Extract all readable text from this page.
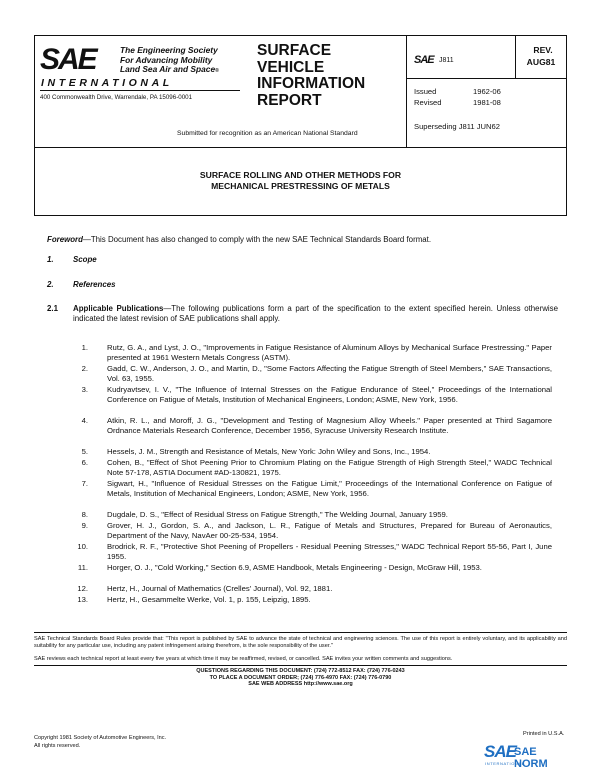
SAE	The Engineering Society
For Advancing Mobility
Land Sea Air and Space®
INTERNATIONAL
400 Commonwealth Drive, Warrendale, PA 15096-0001
SURFACE
VEHICLE
INFORMATION
REPORT
Submitted for recognition as an American National Standard
SAE J811
REV.
AUG81
Issued	1962-06
Revised	1981-08
Superseding J811 JUN62
SURFACE ROLLING AND OTHER METHODS FOR
MECHANICAL PRESTRESSING OF METALS
Foreword—This Document has also changed to comply with the new SAE Technical Standards Board format.
1. Scope
2. References
2.1 Applicable Publications—The following publications form a part of the specification to the extent specified herein. Unless otherwise indicated the latest revision of SAE publications shall apply.
1. Rutz, G. A., and Lyst, J. O., "Improvements in Fatigue Resistance of Aluminum Alloys by Mechanical Surface Prestressing." Paper presented at 1961 Western Metals Congress (ASTM).
2. Gadd, C. W., Anderson, J. O., and Martin, D., "Some Factors Affecting the Fatigue Strength of Steel Members," SAE Transactions, Vol. 63, 1955.
3. Kudryavtsev, I. V., "The Influence of Internal Stresses on the Fatigue Endurance of Steel," Proceedings of the International Conference on Fatigue of Metals, Institution of Mechanical Engineers, London; ASME, New York, 1956.
4. Atkin, R. L., and Moroff, J. G., "Development and Testing of Magnesium Alloy Wheels." Paper presented at Third Sagamore Ordnance Materials Research Conference, December 1956, Syracuse University Research Institute.
5. Hessels, J. M., Strength and Resistance of Metals, New York: John Wiley and Sons, Inc., 1954.
6. Cohen, B., "Effect of Shot Peening Prior to Chromium Plating on the Fatigue Strength of High Strength Steel," WADC Technical Note 57-178, ASTIA Document #AD-130821, 1975.
7. Sigwart, H., "Influence of Residual Stresses on the Fatigue Limit," Proceedings of the International Conference on Fatigue of Metals, Institution of Mechanical Engineers, London; ASME, New York, 1956.
8. Dugdale, D. S., "Effect of Residual Stress on Fatigue Strength," The Welding Journal, January 1959.
9. Grover, H. J., Gordon, S. A., and Jackson, L. R., Fatigue of Metals and Structures, Prepared for Bureau of Aeronautics, Department of the Navy, NavAer 00-25-534, 1954.
10. Brodrick, R. F., "Protective Shot Peening of Propellers - Residual Peening Stresses," WADC Technical Report 55-56, Part I, June 1955.
11. Horger, O. J., "Cold Working," Section 6.9, ASME Handbook, Metals Engineering - Design, McGraw Hill, 1953.
12. Hertz, H., Journal of Mathematics (Crelles' Journal), Vol. 92, 1881.
13. Hertz, H., Gesammelte Werke, Vol. 1, p. 155, Leipzig, 1895.
SAE Technical Standards Board Rules provide that: "This report is published by SAE to advance the state of technical and engineering sciences. The use of this report is entirely voluntary, and its applicability and suitability for any particular use, including any patent infringement arising therefrom, is the sole responsibility of the user."
SAE reviews each technical report at least every five years at which time it may be reaffirmed, revised, or cancelled. SAE invites your written comments and suggestions.
QUESTIONS REGARDING THIS DOCUMENT: (724) 772-8512 FAX: (724) 776-0243
TO PLACE A DOCUMENT ORDER; (724) 776-4970 FAX: (724) 776-0790
SAE WEB ADDRESS http://www.sae.org
Copyright 1981 Society of Automotive Engineers, Inc.
All rights reserved.
Printed in U.S.A.
SAE
SAE NORM
INTERNATIONAL
